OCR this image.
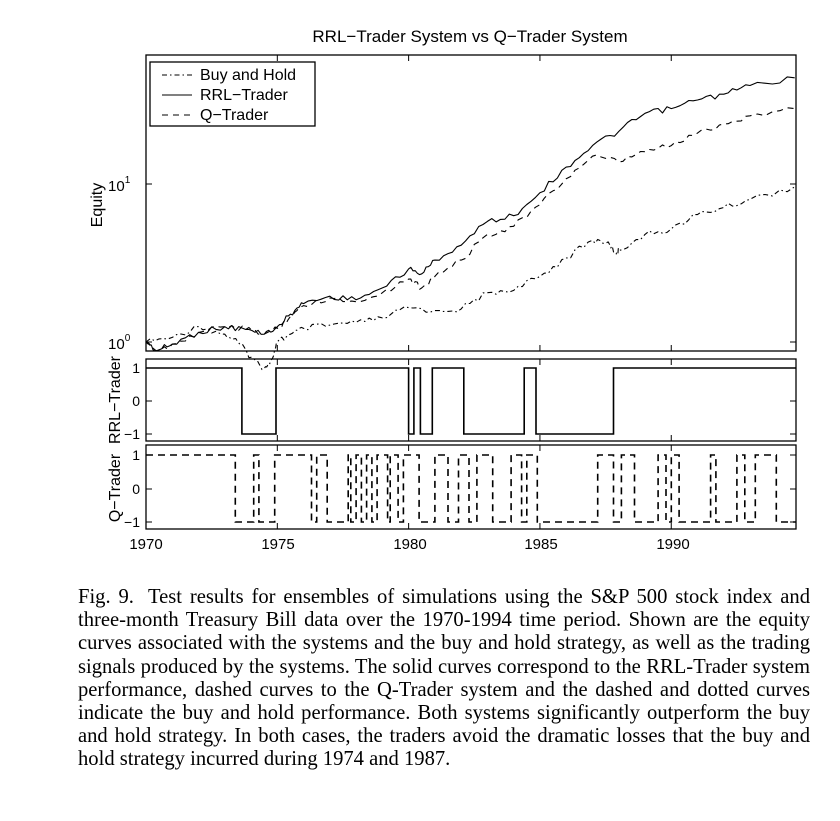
RRL−Trader System vs Q−Trader System
$10^0$
$10^1$
Equity
Buy and Hold
RRL−Trader
Q−Trader
1
0
−1
RRL−Trader
1
0
−1
Q−Trader
1970	1975	1980	1985	1990
Fig. 9. Test results for ensembles of simulations using the S&P 500 stock index and three-month Treasury Bill data over the 1970-1994 time period. Shown are the equity curves associated with the systems and the buy and hold strategy, as well as the trading signals produced by the systems. The solid curves correspond to the RRL-Trader system performance, dashed curves to the Q-Trader system and the dashed and dotted curves indicate the buy and hold performance. Both systems significantly outperform the buy and hold strategy. In both cases, the traders avoid the dramatic losses that the buy and hold strategy incurred during 1974 and 1987.
